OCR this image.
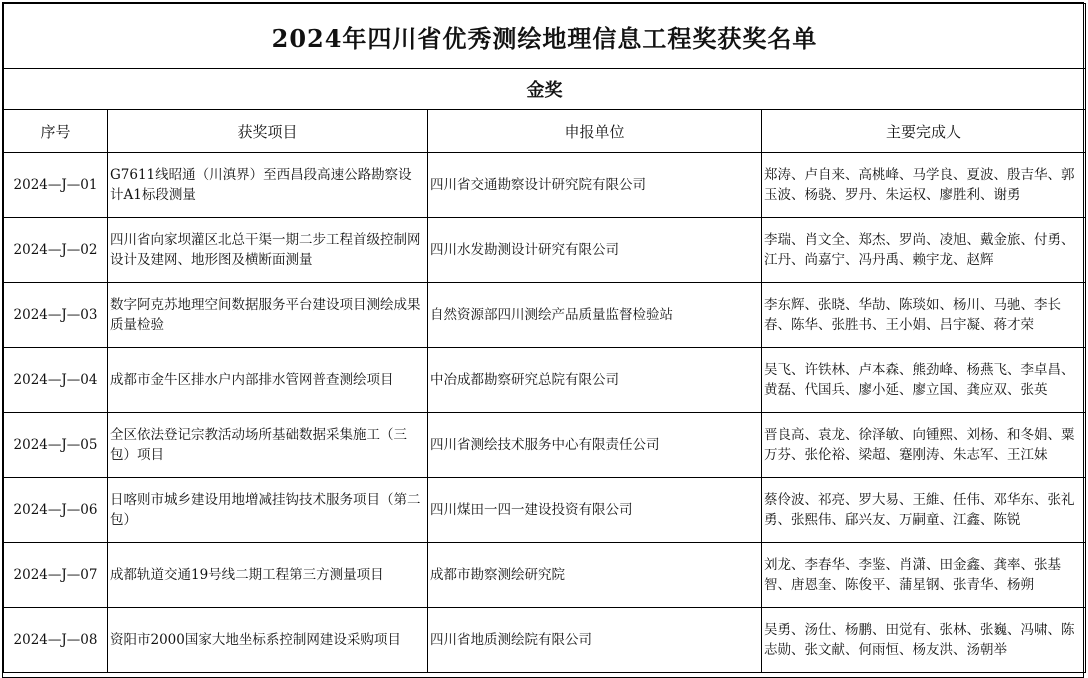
2024年四川省优秀测绘地理信息工程奖获奖名单			
金奖			
序号	获奖项目	申报单位	主要完成人
2024—J—01	G7611线昭通（川滇界）至西昌段高速公路勘察设计A1标段测量	四川省交通勘察设计研究院有限公司	郑涛、卢自来、高桃峰、马学良、夏波、殷吉华、郭玉波、杨骁、罗丹、朱运权、廖胜利、谢勇
2024—J—02	四川省向家坝灌区北总干渠一期二步工程首级控制网设计及建网、地形图及横断面测量	四川水发勘测设计研究有限公司	李瑞、肖文全、郑杰、罗尚、凌旭、戴金旅、付勇、江丹、尚嘉宁、冯丹禹、赖宇龙、赵辉
2024—J—03	数字阿克苏地理空间数据服务平台建设项目测绘成果质量检验	自然资源部四川测绘产品质量监督检验站	李东辉、张晓、华劼、陈琰如、杨川、马驰、李长春、陈华、张胜书、王小娟、吕宇凝、蒋才荣
2024—J—04	成都市金牛区排水户内部排水管网普查测绘项目	中冶成都勘察研究总院有限公司	吴飞、许铁林、卢本森、熊劲峰、杨燕飞、李卓昌、黄磊、代国兵、廖小延、廖立国、龚应双、张英
2024—J—05	全区依法登记宗教活动场所基础数据采集施工（三包）项目	四川省测绘技术服务中心有限责任公司	晋良高、袁龙、徐泽敏、向锺熙、刘杨、和冬娟、粟万芬、张伦裕、梁超、蹇刚涛、朱志军、王江妹
2024—J—06	日喀则市城乡建设用地增减挂钩技术服务项目（第二包）	四川煤田一四一建设投资有限公司	蔡伶波、祁亮、罗大易、王維、任伟、邓华东、张礼勇、张熙伟、郈兴友、万嗣童、江鑫、陈锐
2024—J—07	成都轨道交通19号线二期工程第三方测量项目	成都市勘察测绘研究院	刘龙、李春华、李鉴、肖潇、田金鑫、龚率、张基智、唐恩奎、陈俊平、蒲星钢、张青华、杨朔
2024—J—08	资阳市2000国家大地坐标系控制网建设采购项目	四川省地质测绘院有限公司	吴勇、汤仕、杨鹏、田觉有、张林、张巍、冯啸、陈志勋、张文献、何雨恒、杨友洪、汤朝举
